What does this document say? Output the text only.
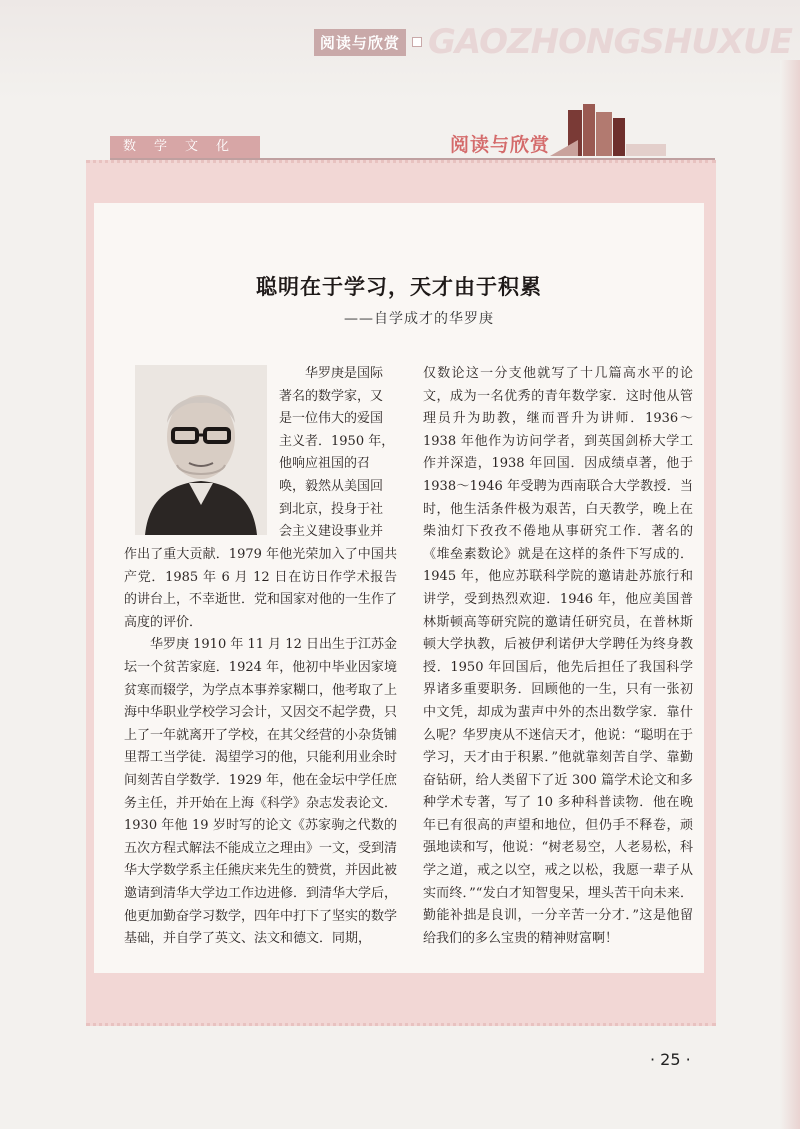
阅读与欣赏 GAOZHONGSHUXUE
数学文化	阅读与欣赏
聪明在于学习，天才由于积累
——自学成才的华罗庚
华罗庚是国际
著名的数学家，又
是一位伟大的爱国
主义者．1950 年，
他响应祖国的召
唤，毅然从美国回
到北京，投身于社
会主义建设事业并
作出了重大贡献．1979 年他光荣加入了中国共产党．1985 年 6 月 12 日在访日作学术报告的讲台上，不幸逝世．党和国家对他的一生作了高度的评价．

华罗庚 1910 年 11 月 12 日出生于江苏金坛一个贫苦家庭．1924 年，他初中毕业因家境贫寒而辍学，为学点本事养家糊口，他考取了上海中华职业学校学习会计，又因交不起学费，只上了一年就离开了学校，在其父经营的小杂货铺里帮工当学徒．渴望学习的他，只能利用业余时间刻苦自学数学．1929 年，他在金坛中学任庶务主任，并开始在上海《科学》杂志发表论文．1930 年他 19 岁时写的论文《苏家驹之代数的五次方程式解法不能成立之理由》一文，受到清华大学数学系主任熊庆来先生的赞赏，并因此被邀请到清华大学边工作边进修．到清华大学后，他更加勤奋学习数学，四年中打下了坚实的数学基础，并自学了英文、法文和德文．同期，

仅数论这一分支他就写了十几篇高水平的论文，成为一名优秀的青年数学家．这时他从管理员升为助教，继而晋升为讲师．1936～1938 年他作为访问学者，到英国剑桥大学工作并深造，1938 年回国．因成绩卓著，他于 1938～1946 年受聘为西南联合大学教授．当时，他生活条件极为艰苦，白天教学，晚上在柴油灯下孜孜不倦地从事研究工作．著名的《堆垒素数论》就是在这样的条件下写成的．1945 年，他应苏联科学院的邀请赴苏旅行和讲学，受到热烈欢迎．1946 年，他应美国普林斯顿高等研究院的邀请任研究员，在普林斯顿大学执教，后被伊利诺伊大学聘任为终身教授．1950 年回国后，他先后担任了我国科学界诸多重要职务．回顾他的一生，只有一张初中文凭，却成为蜚声中外的杰出数学家．靠什么呢？华罗庚从不迷信天才，他说：“聪明在于学习，天才由于积累．”他就靠刻苦自学、靠勤奋钻研，给人类留下了近 300 篇学术论文和多种学术专著，写了 10 多种科普读物．他在晚年已有很高的声望和地位，但仍手不释卷，顽强地读和写，他说：“树老易空，人老易松，科学之道，戒之以空，戒之以松，我愿一辈子从实而终．”“发白才知智叟呆，埋头苦干向未来．勤能补拙是良训，一分辛苦一分才．”这是他留给我们的多么宝贵的精神财富啊！
· 25 ·
